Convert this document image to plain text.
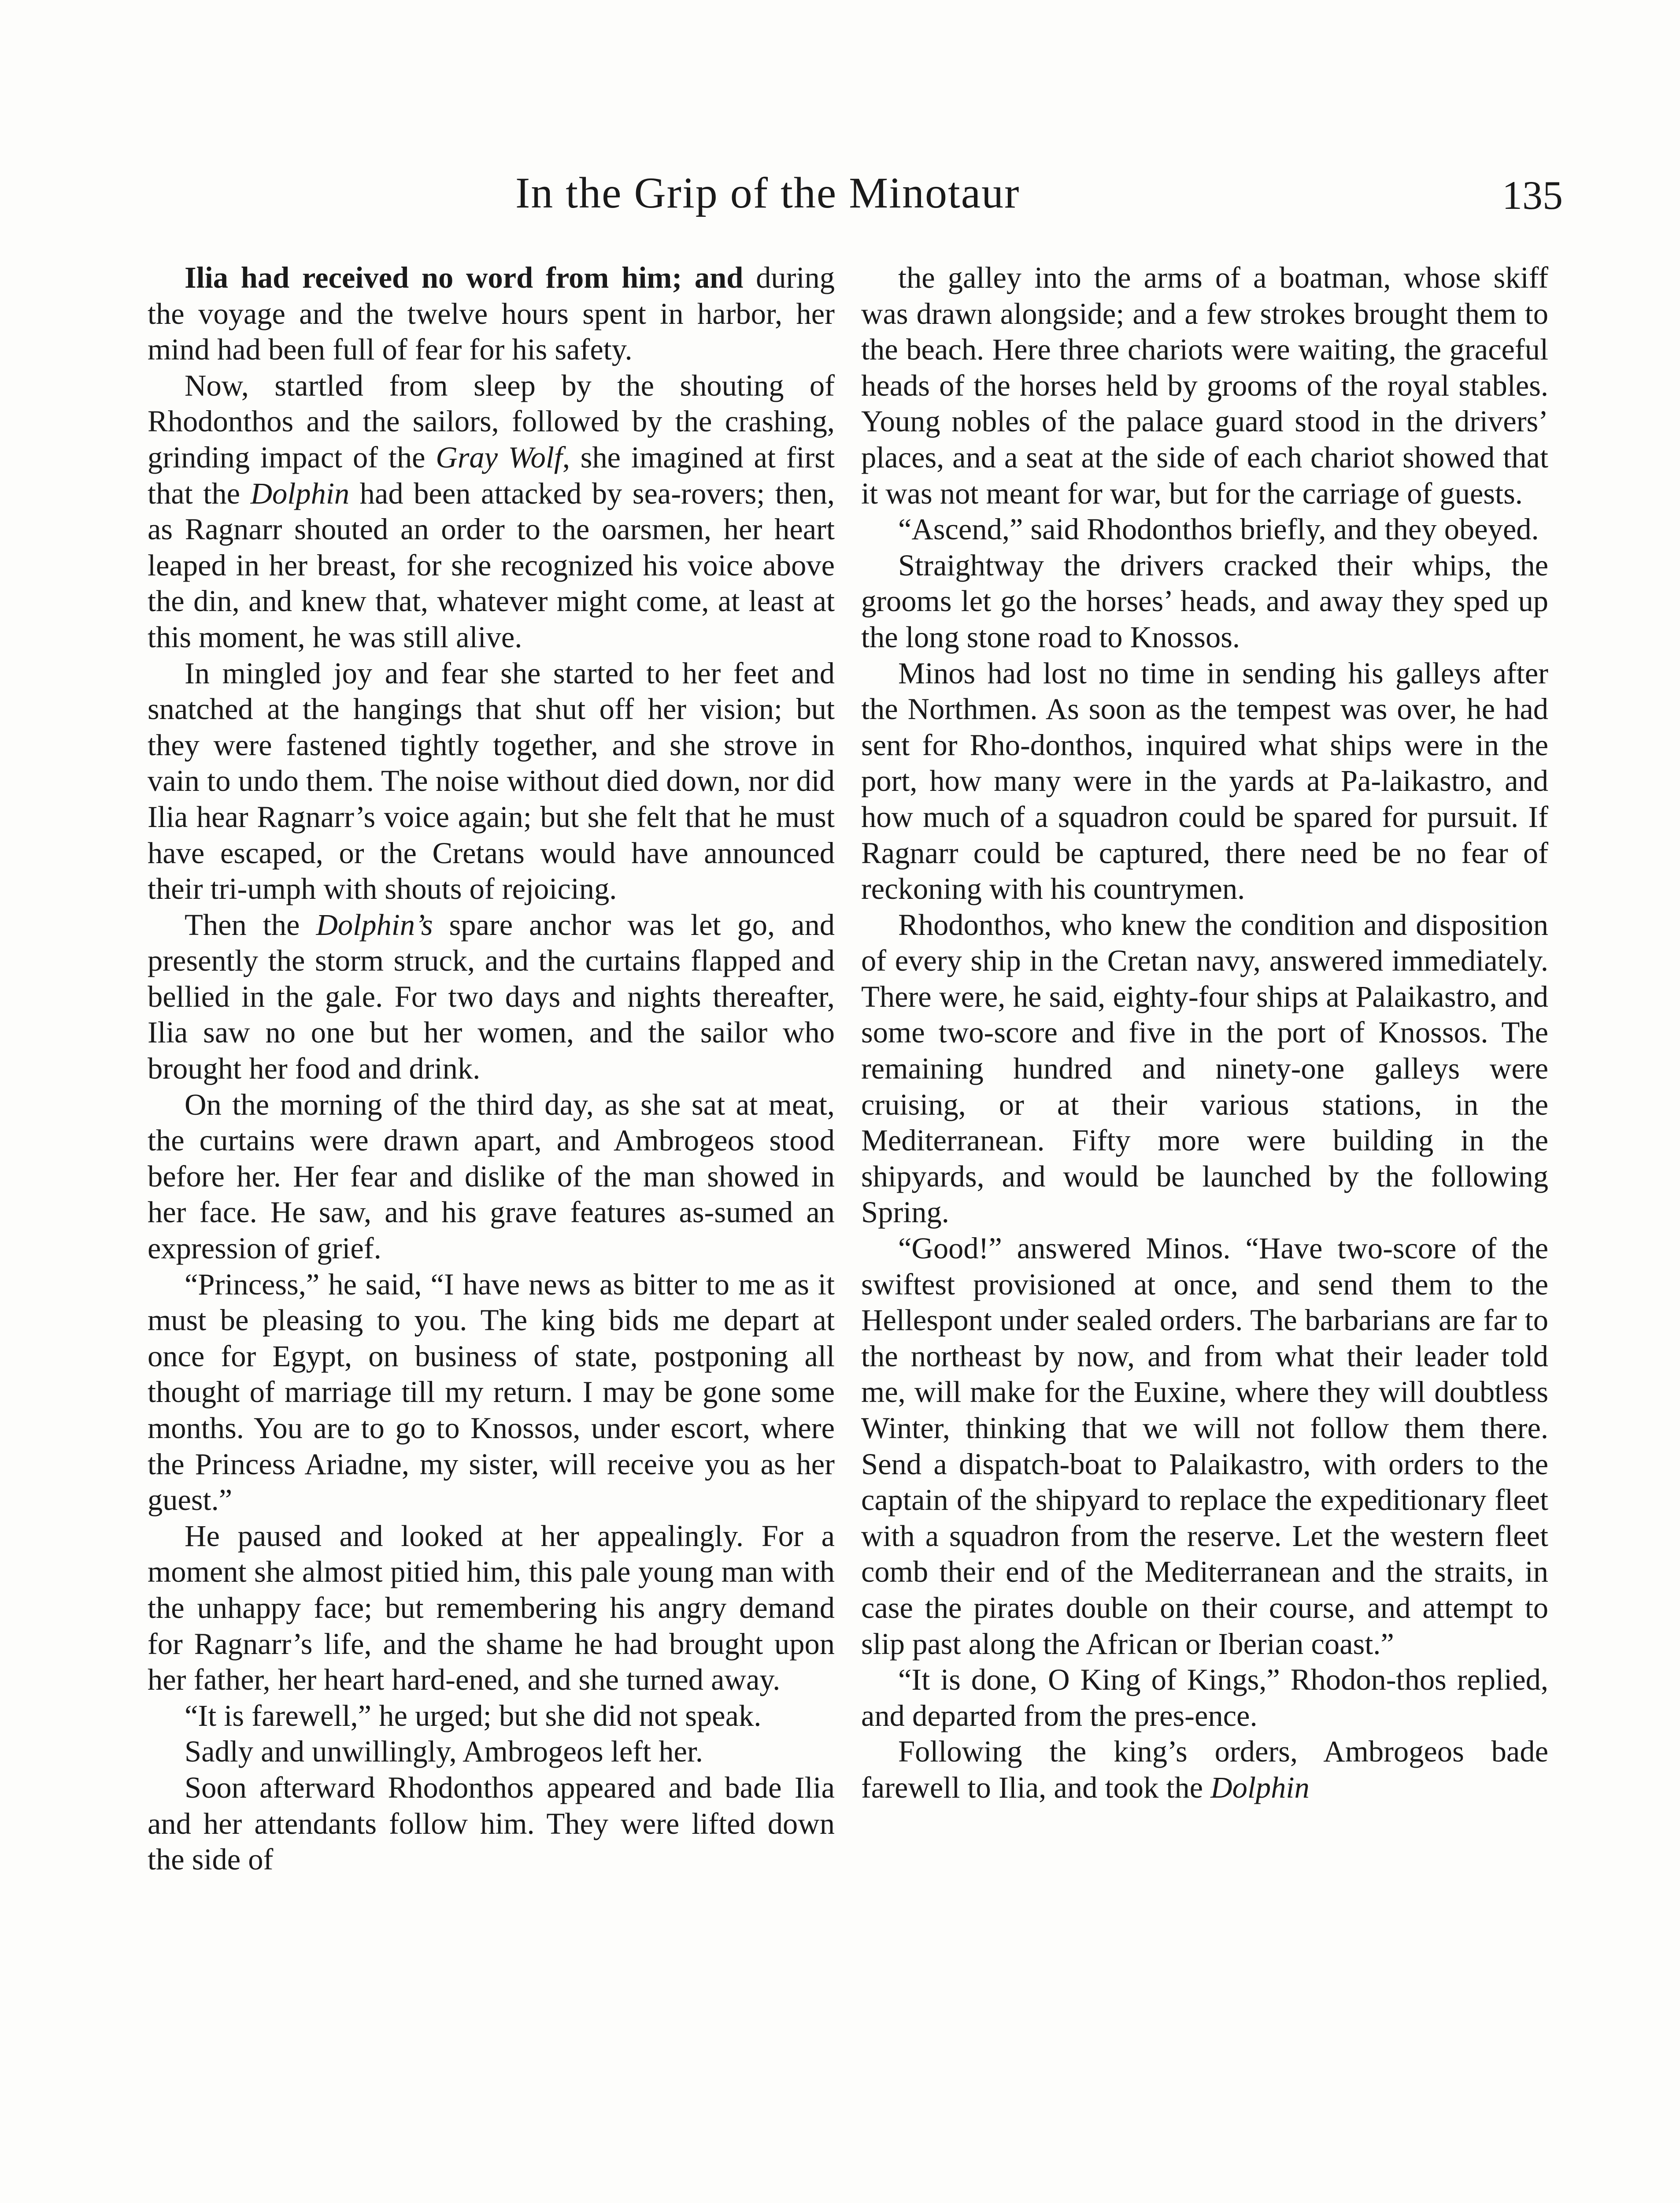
In the Grip of the Minotaur	135

Ilia had received no word from him; and during the voyage and the twelve hours spent in harbor, her mind had been full of fear for his safety.

Now, startled from sleep by the shouting of Rhodonthos and the sailors, followed by the crashing, grinding impact of the Gray Wolf, she imagined at first that the Dolphin had been attacked by sea-rovers; then, as Ragnarr shouted an order to the oarsmen, her heart leaped in her breast, for she recognized his voice above the din, and knew that, whatever might come, at least at this moment, he was still alive.

In mingled joy and fear she started to her feet and snatched at the hangings that shut off her vision; but they were fastened tightly together, and she strove in vain to undo them. The noise without died down, nor did Ilia hear Ragnarr’s voice again; but she felt that he must have escaped, or the Cretans would have announced their tri-umph with shouts of rejoicing.

Then the Dolphin’s spare anchor was let go, and presently the storm struck, and the curtains flapped and bellied in the gale. For two days and nights thereafter, Ilia saw no one but her women, and the sailor who brought her food and drink.

On the morning of the third day, as she sat at meat, the curtains were drawn apart, and Ambrogeos stood before her. Her fear and dislike of the man showed in her face. He saw, and his grave features as-sumed an expression of grief.

“Princess,” he said, “I have news as bitter to me as it must be pleasing to you. The king bids me depart at once for Egypt, on business of state, postponing all thought of marriage till my return. I may be gone some months. You are to go to Knossos, under escort, where the Princess Ariadne, my sister, will receive you as her guest.”

He paused and looked at her appealingly. For a moment she almost pitied him, this pale young man with the unhappy face; but remembering his angry demand for Ragnarr’s life, and the shame he had brought upon her father, her heart hard-ened, and she turned away.

“It is farewell,” he urged; but she did not speak.

Sadly and unwillingly, Ambrogeos left her.

Soon afterward Rhodonthos appeared and bade Ilia and her attendants follow him. They were lifted down the side of

the galley into the arms of a boatman, whose skiff was drawn alongside; and a few strokes brought them to the beach. Here three chariots were waiting, the graceful heads of the horses held by grooms of the royal stables. Young nobles of the palace guard stood in the drivers’ places, and a seat at the side of each chariot showed that it was not meant for war, but for the carriage of guests.

“Ascend,” said Rhodonthos briefly, and they obeyed.

Straightway the drivers cracked their whips, the grooms let go the horses’ heads, and away they sped up the long stone road to Knossos.

Minos had lost no time in sending his galleys after the Northmen. As soon as the tempest was over, he had sent for Rho-donthos, inquired what ships were in the port, how many were in the yards at Pa-laikastro, and how much of a squadron could be spared for pursuit. If Ragnarr could be captured, there need be no fear of reckoning with his countrymen.

Rhodonthos, who knew the condition and disposition of every ship in the Cretan navy, answered immediately. There were, he said, eighty-four ships at Palaikastro, and some two-score and five in the port of Knossos. The remaining hundred and ninety-one galleys were cruising, or at their various stations, in the Mediterranean. Fifty more were building in the shipyards, and would be launched by the following Spring.

“Good!” answered Minos. “Have two-score of the swiftest provisioned at once, and send them to the Hellespont under sealed orders. The barbarians are far to the northeast by now, and from what their leader told me, will make for the Euxine, where they will doubtless Winter, thinking that we will not follow them there. Send a dispatch-boat to Palaikastro, with orders to the captain of the shipyard to replace the expeditionary fleet with a squadron from the reserve. Let the western fleet comb their end of the Mediterranean and the straits, in case the pirates double on their course, and attempt to slip past along the African or Iberian coast.”

“It is done, O King of Kings,” Rhodon-thos replied, and departed from the pres-ence.

Following the king’s orders, Ambrogeos bade farewell to Ilia, and took the Dolphin
